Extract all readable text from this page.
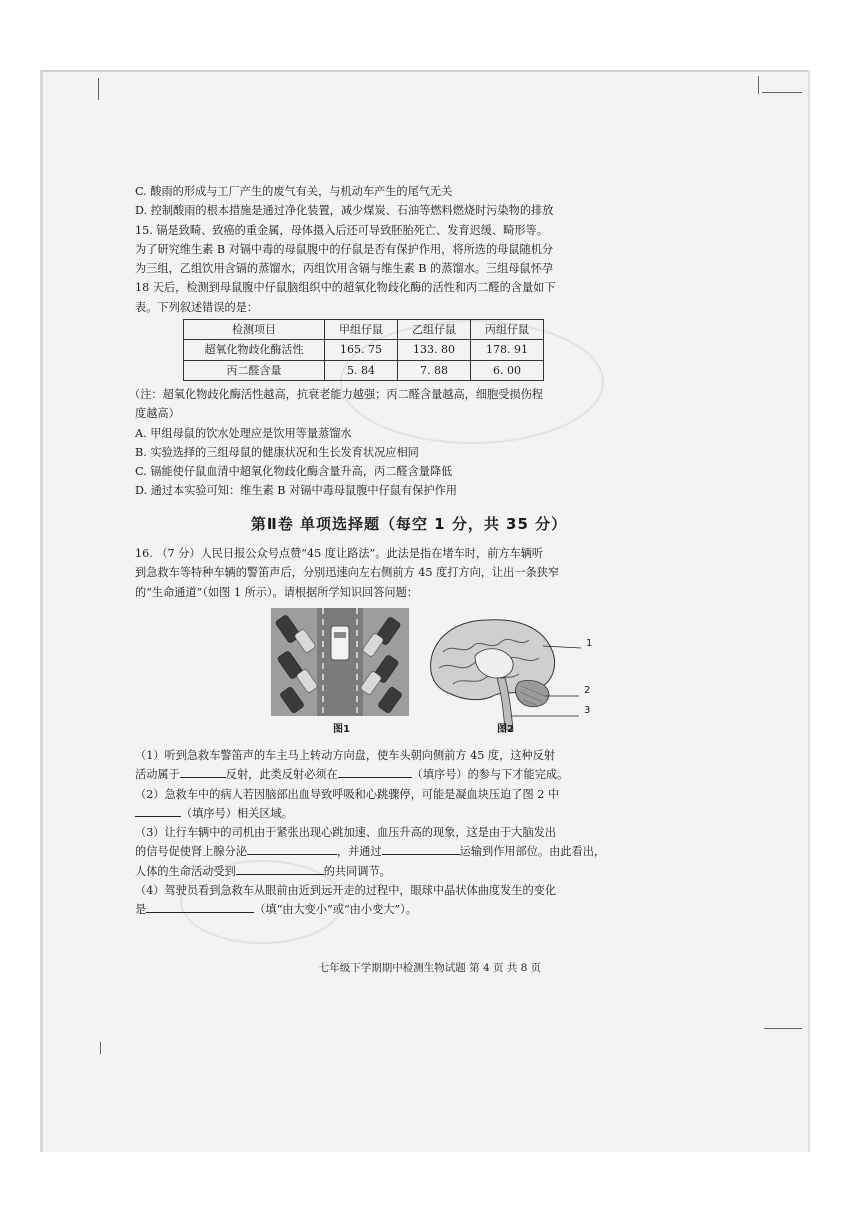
C. 酸雨的形成与工厂产生的废气有关，与机动车产生的尾气无关
D. 控制酸雨的根本措施是通过净化装置，减少煤炭、石油等燃料燃烧时污染物的排放
15. 镉是致畸、致癌的重金属，母体摄入后还可导致胚胎死亡、发育迟缓、畸形等。
为了研究维生素 B 对镉中毒的母鼠腹中的仔鼠是否有保护作用，将所选的母鼠随机分
为三组，乙组饮用含镉的蒸馏水，丙组饮用含镉与维生素 B 的蒸馏水。三组母鼠怀孕
18 天后，检测到母鼠腹中仔鼠脑组织中的超氧化物歧化酶的活性和丙二醛的含量如下
表。下列叙述错误的是：
检测项目	甲组仔鼠	乙组仔鼠	丙组仔鼠
超氧化物歧化酶活性	165. 75	133. 80	178. 91
丙二醛含量	5. 84	7. 88	6. 00
（注：超氧化物歧化酶活性越高，抗衰老能力越强；丙二醛含量越高，细胞受损伤程
度越高）
A. 甲组母鼠的饮水处理应是饮用等量蒸馏水
B. 实验选择的三组母鼠的健康状况和生长发育状况应相同
C. 镉能使仔鼠血清中超氧化物歧化酶含量升高，丙二醛含量降低
D. 通过本实验可知：维生素 B 对镉中毒母鼠腹中仔鼠有保护作用
第Ⅱ卷 单项选择题（每空 1 分，共 35 分）
16. （7 分）人民日报公众号点赞“45 度让路法”。此法是指在堵车时，前方车辆听
到急救车等特种车辆的警笛声后，分别迅速向左右侧前方 45 度打方向，让出一条狭窄
的“生命通道”（如图 1 所示）。请根据所学知识回答问题：
图1
1
2
3
图2
（1）听到急救车警笛声的车主马上转动方向盘，使车头朝向侧前方 45 度，这种反射
活动属于	反射，此类反射必须在	（填序号）的参与下才能完成。
（2）急救车中的病人若因脑部出血导致呼吸和心跳骤停，可能是凝血块压迫了图 2 中
（填序号）相关区域。
（3）让行车辆中的司机由于紧张出现心跳加速、血压升高的现象，这是由于大脑发出
的信号促使肾上腺分泌	，并通过	运输到作用部位。由此看出，
人体的生命活动受到	的共同调节。
（4）驾驶员看到急救车从眼前由近到远开走的过程中，眼球中晶状体曲度发生的变化
是	（填“由大变小”或“由小变大”）。
七年级下学期期中检测生物试题 第 4 页 共 8 页
